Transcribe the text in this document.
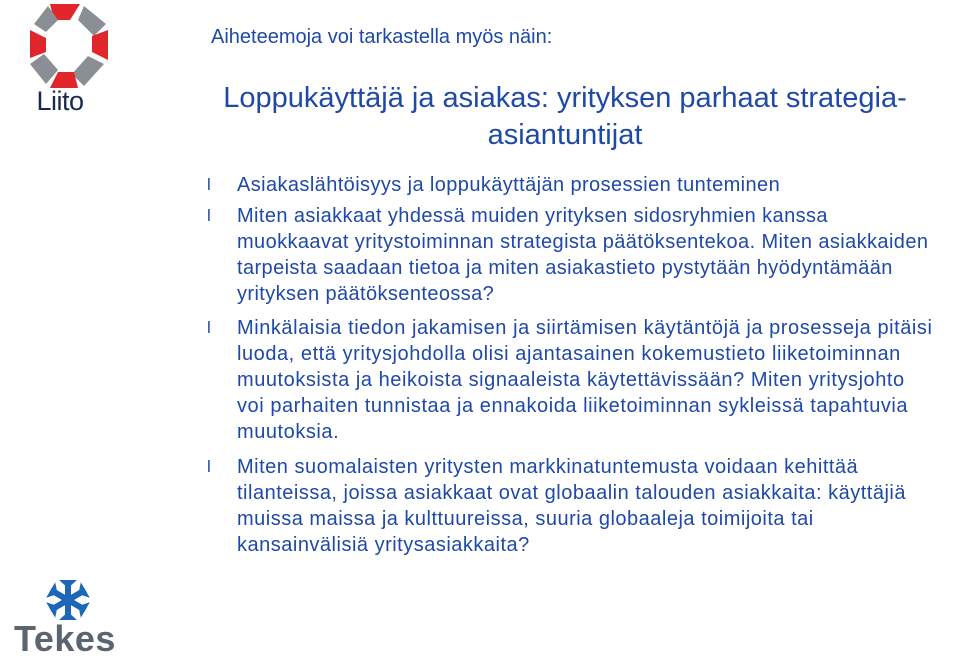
Liito
Aiheteemoja voi tarkastella myös näin:
Loppukäyttäjä ja asiakas: yrityksen parhaat strategia-asiantuntijat
l	Asiakaslähtöisyys ja loppukäyttäjän prosessien tunteminen
l	Miten asiakkaat yhdessä muiden yrityksen sidosryhmien kanssa muokkaavat yritystoiminnan strategista päätöksentekoa. Miten asiakkaiden tarpeista saadaan tietoa ja miten asiakastieto pystytään hyödyntämään yrityksen päätöksenteossa?
l	Minkälaisia tiedon jakamisen ja siirtämisen käytäntöjä ja prosesseja pitäisi luoda, että yritysjohdolla olisi ajantasainen kokemustieto liiketoiminnan muutoksista ja heikoista signaaleista käytettävissään? Miten yritysjohto voi parhaiten tunnistaa ja ennakoida liiketoiminnan sykleissä tapahtuvia muutoksia.
l	Miten suomalaisten yritysten markkinatuntemusta voidaan kehittää tilanteissa, joissa asiakkaat ovat globaalin talouden asiakkaita: käyttäjiä muissa maissa ja kulttuureissa, suuria globaaleja toimijoita tai kansainvälisiä yritysasiakkaita?
Tekes
